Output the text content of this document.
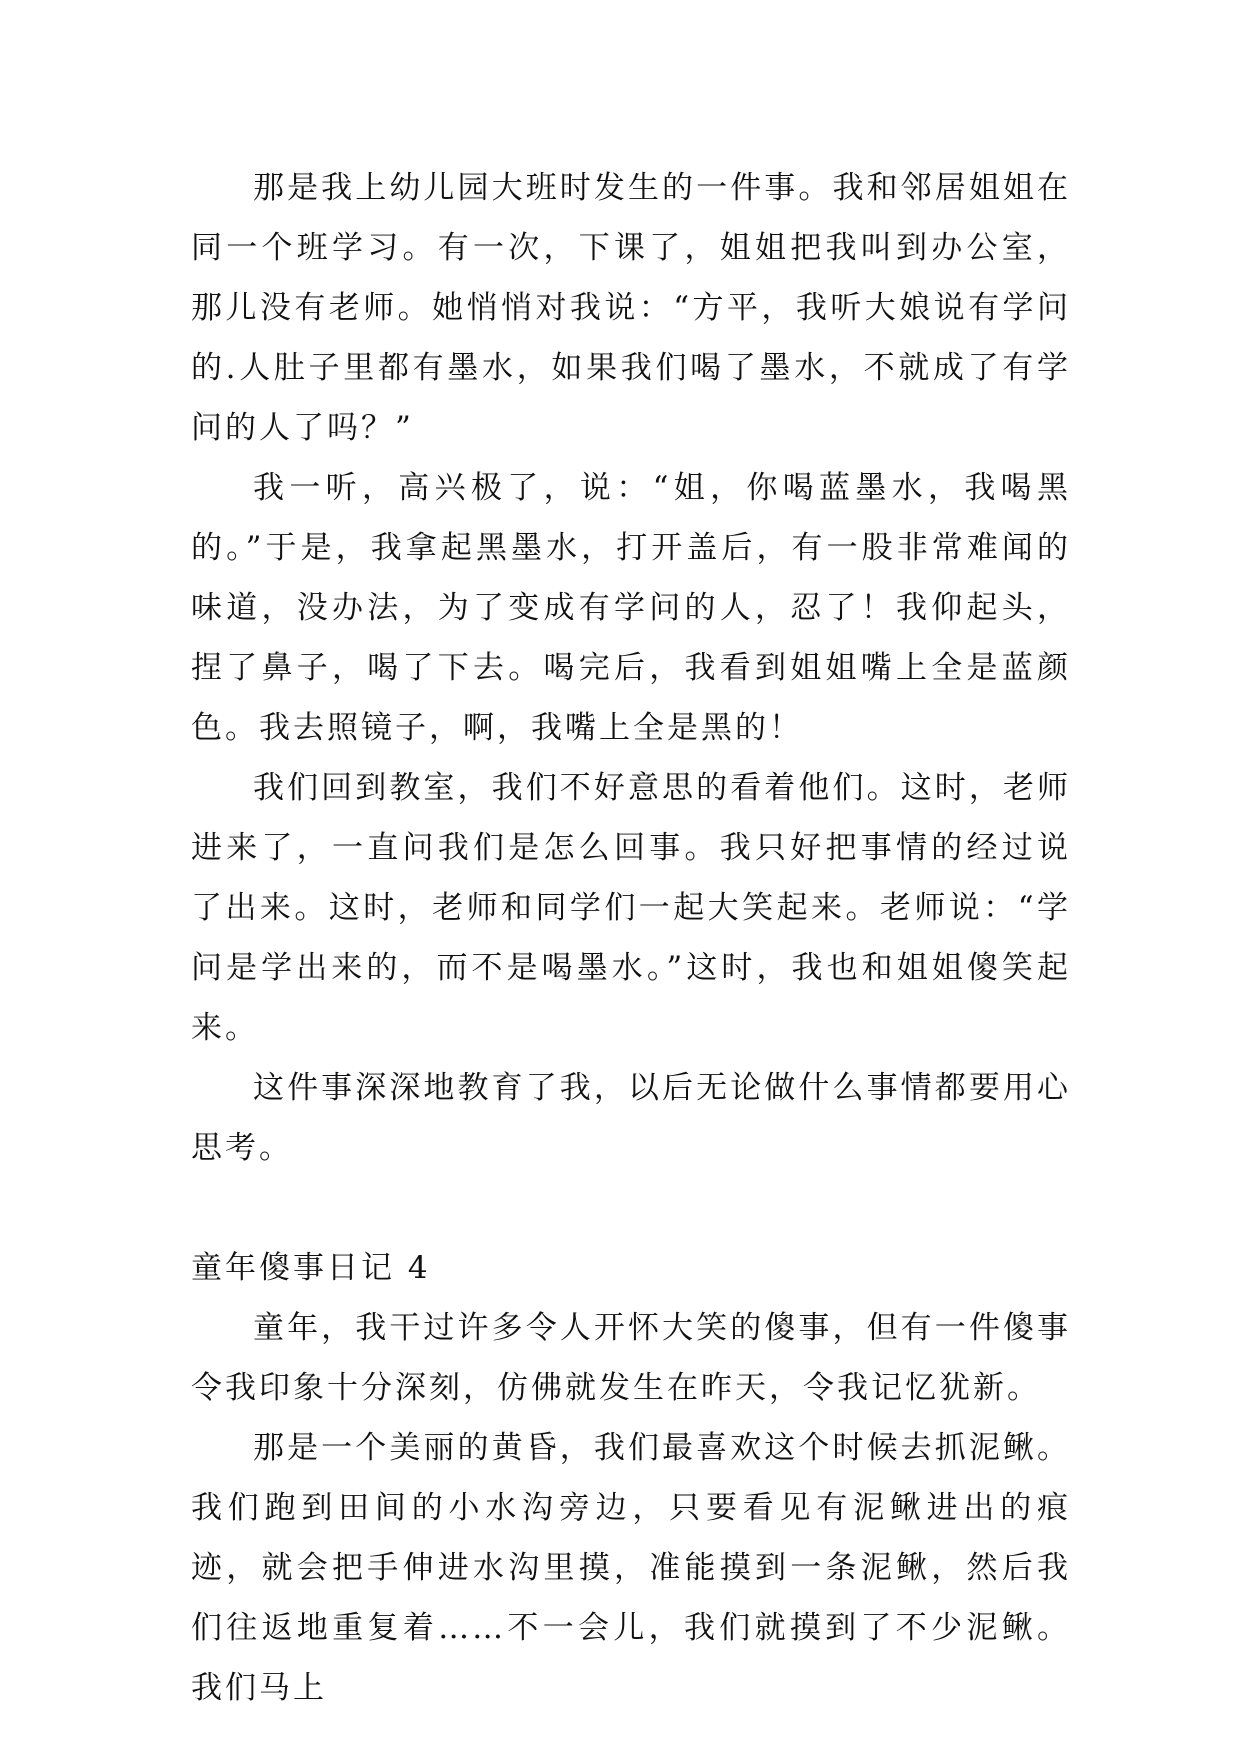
那是我上幼儿园大班时发生的一件事。我和邻居姐姐在同一个班学习。有一次，下课了，姐姐把我叫到办公室，那儿没有老师。她悄悄对我说：“方平，我听大娘说有学问的.人肚子里都有墨水，如果我们喝了墨水，不就成了有学问的人了吗？”

我一听，高兴极了，说：“姐，你喝蓝墨水，我喝黑的。”于是，我拿起黑墨水，打开盖后，有一股非常难闻的味道，没办法，为了变成有学问的人，忍了！我仰起头，捏了鼻子，喝了下去。喝完后，我看到姐姐嘴上全是蓝颜色。我去照镜子，啊，我嘴上全是黑的！

我们回到教室，我们不好意思的看着他们。这时，老师进来了，一直问我们是怎么回事。我只好把事情的经过说了出来。这时，老师和同学们一起大笑起来。老师说：“学问是学出来的，而不是喝墨水。”这时，我也和姐姐傻笑起来。

这件事深深地教育了我，以后无论做什么事情都要用心思考。

童年傻事日记 4

童年，我干过许多令人开怀大笑的傻事，但有一件傻事令我印象十分深刻，仿佛就发生在昨天，令我记忆犹新。

那是一个美丽的黄昏，我们最喜欢这个时候去抓泥鳅。我们跑到田间的小水沟旁边，只要看见有泥鳅进出的痕迹，就会把手伸进水沟里摸，准能摸到一条泥鳅，然后我们往返地重复着……不一会儿，我们就摸到了不少泥鳅。我们马上
